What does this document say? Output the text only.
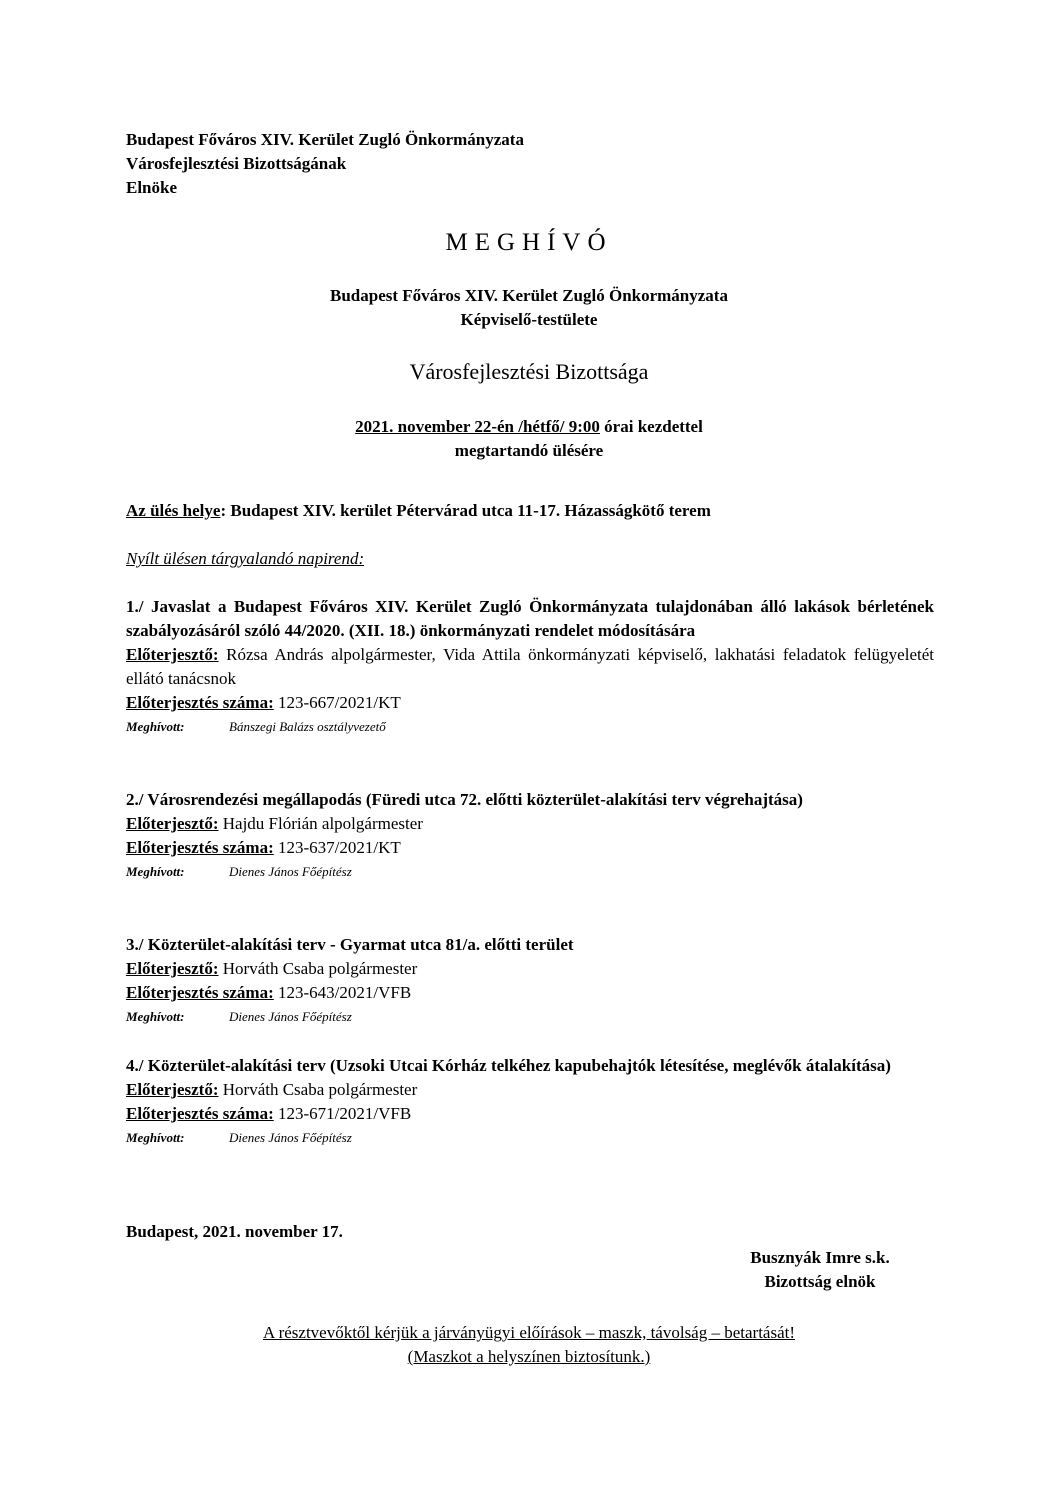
Budapest Főváros XIV. Kerület Zugló Önkormányzata
Városfejlesztési Bizottságának
Elnöke
MEGHÍVÓ
Budapest Főváros XIV. Kerület Zugló Önkormányzata
Képviselő-testülete
Városfejlesztési Bizottsága
2021. november 22-én /hétfő/ 9:00 órai kezdettel
megtartandó ülésére
Az ülés helye: Budapest XIV. kerület Pétervárad utca 11-17. Házasságkötő terem
Nyílt ülésen tárgyalandó napirend:
1./ Javaslat a Budapest Főváros XIV. Kerület Zugló Önkormányzata tulajdonában álló lakások bérletének szabályozásáról szóló 44/2020. (XII. 18.) önkormányzati rendelet módosítására
Előterjesztő: Rózsa András alpolgármester, Vida Attila önkormányzati képviselő, lakhatási feladatok felügyeletét ellátó tanácsnok
Előterjesztés száma: 123-667/2021/KT
Meghívott:	Bánszegi Balázs osztályvezető
2./ Városrendezési megállapodás (Füredi utca 72. előtti közterület-alakítási terv végrehajtása)
Előterjesztő: Hajdu Flórián alpolgármester
Előterjesztés száma: 123-637/2021/KT
Meghívott:	Dienes János Főépítész
3./ Közterület-alakítási terv - Gyarmat utca 81/a. előtti terület
Előterjesztő: Horváth Csaba polgármester
Előterjesztés száma: 123-643/2021/VFB
Meghívott:	Dienes János Főépítész
4./ Közterület-alakítási terv (Uzsoki Utcai Kórház telkéhez kapubehajtók létesítése, meglévők átalakítása)
Előterjesztő: Horváth Csaba polgármester
Előterjesztés száma: 123-671/2021/VFB
Meghívott:	Dienes János Főépítész
Budapest, 2021. november 17.
Busznyák Imre s.k.
Bizottság elnök
A résztvevőktől kérjük a járványügyi előírások – maszk, távolság – betartását!
(Maszkot a helyszínen biztosítunk.)
